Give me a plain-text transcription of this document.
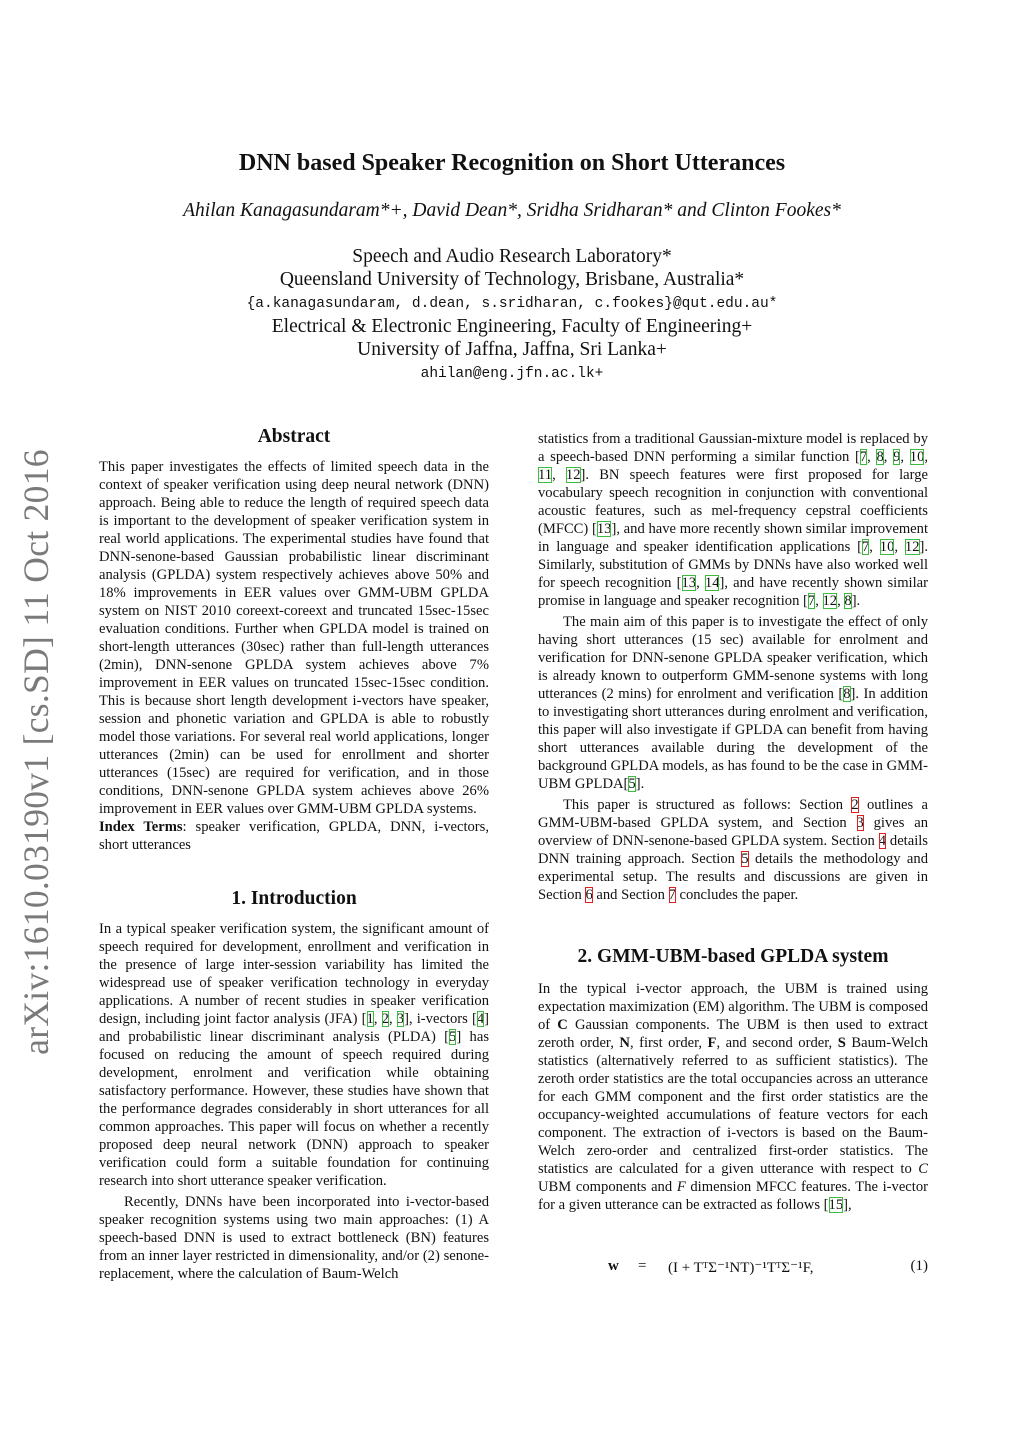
arXiv:1610.03190v1 [cs.SD] 11 Oct 2016
DNN based Speaker Recognition on Short Utterances
Ahilan Kanagasundaram*+, David Dean*, Sridha Sridharan* and Clinton Fookes*
Speech and Audio Research Laboratory*
Queensland University of Technology, Brisbane, Australia*
{a.kanagasundaram, d.dean, s.sridharan, c.fookes}@qut.edu.au*
Electrical & Electronic Engineering, Faculty of Engineering+
University of Jaffna, Jaffna, Sri Lanka+
ahilan@eng.jfn.ac.lk+
Abstract

This paper investigates the effects of limited speech data in the context of speaker verification using deep neural network (DNN) approach. Being able to reduce the length of required speech data is important to the development of speaker verification system in real world applications. The experimental studies have found that DNN-senone-based Gaussian probabilistic linear discriminant analysis (GPLDA) system respectively achieves above 50% and 18% improvements in EER values over GMM-UBM GPLDA system on NIST 2010 coreext-coreext and truncated 15sec-15sec evaluation conditions. Further when GPLDA model is trained on short-length utterances (30sec) rather than full-length utterances (2min), DNN-senone GPLDA system achieves above 7% improvement in EER values on truncated 15sec-15sec condition. This is because short length development i-vectors have speaker, session and phonetic variation and GPLDA is able to robustly model those variations. For several real world applications, longer utterances (2min) can be used for enrollment and shorter utterances (15sec) are required for verification, and in those conditions, DNN-senone GPLDA system achieves above 26% improvement in EER values over GMM-UBM GPLDA systems.

Index Terms: speaker verification, GPLDA, DNN, i-vectors, short utterances

1. Introduction

In a typical speaker verification system, the significant amount of speech required for development, enrollment and verification in the presence of large inter-session variability has limited the widespread use of speaker verification technology in everyday applications. A number of recent studies in speaker verification design, including joint factor analysis (JFA) [1, 2, 3], i-vectors [4] and probabilistic linear discriminant analysis (PLDA) [5] has focused on reducing the amount of speech required during development, enrolment and verification while obtaining satisfactory performance. However, these studies have shown that the performance degrades considerably in short utterances for all common approaches. This paper will focus on whether a recently proposed deep neural network (DNN) approach to speaker verification could form a suitable foundation for continuing research into short utterance speaker verification.

Recently, DNNs have been incorporated into i-vector-based speaker recognition systems using two main approaches: (1) A speech-based DNN is used to extract bottleneck (BN) features from an inner layer restricted in dimensionality, and/or (2) senone-replacement, where the calculation of Baum-Welch

statistics from a traditional Gaussian-mixture model is replaced by a speech-based DNN performing a similar function [7, 8, 9, 10, 11, 12]. BN speech features were first proposed for large vocabulary speech recognition in conjunction with conventional acoustic features, such as mel-frequency cepstral coefficients (MFCC) [13], and have more recently shown similar improvement in language and speaker identification applications [7, 10, 12]. Similarly, substitution of GMMs by DNNs have also worked well for speech recognition [13, 14], and have recently shown similar promise in language and speaker recognition [7, 12, 8].

The main aim of this paper is to investigate the effect of only having short utterances (15 sec) available for enrolment and verification for DNN-senone GPLDA speaker verification, which is already known to outperform GMM-senone systems with long utterances (2 mins) for enrolment and verification [8]. In addition to investigating short utterances during enrolment and verification, this paper will also investigate if GPLDA can benefit from having short utterances available during the development of the background GPLDA models, as has found to be the case in GMM-UBM GPLDA[5].

This paper is structured as follows: Section 2 outlines a GMM-UBM-based GPLDA system, and Section 3 gives an overview of DNN-senone-based GPLDA system. Section 4 details DNN training approach. Section 5 details the methodology and experimental setup. The results and discussions are given in Section 6 and Section 7 concludes the paper.

2. GMM-UBM-based GPLDA system

In the typical i-vector approach, the UBM is trained using expectation maximization (EM) algorithm. The UBM is composed of C Gaussian components. The UBM is then used to extract zeroth order, N, first order, F, and second order, S Baum-Welch statistics (alternatively referred to as sufficient statistics). The zeroth order statistics are the total occupancies across an utterance for each GMM component and the first order statistics are the occupancy-weighted accumulations of feature vectors for each component. The extraction of i-vectors is based on the Baum-Welch zero-order and centralized first-order statistics. The statistics are calculated for a given utterance with respect to C UBM components and F dimension MFCC features. The i-vector for a given utterance can be extracted as follows [15],

w = (I + TᵀΣ⁻¹NT)⁻¹TᵀΣ⁻¹F,	(1)
